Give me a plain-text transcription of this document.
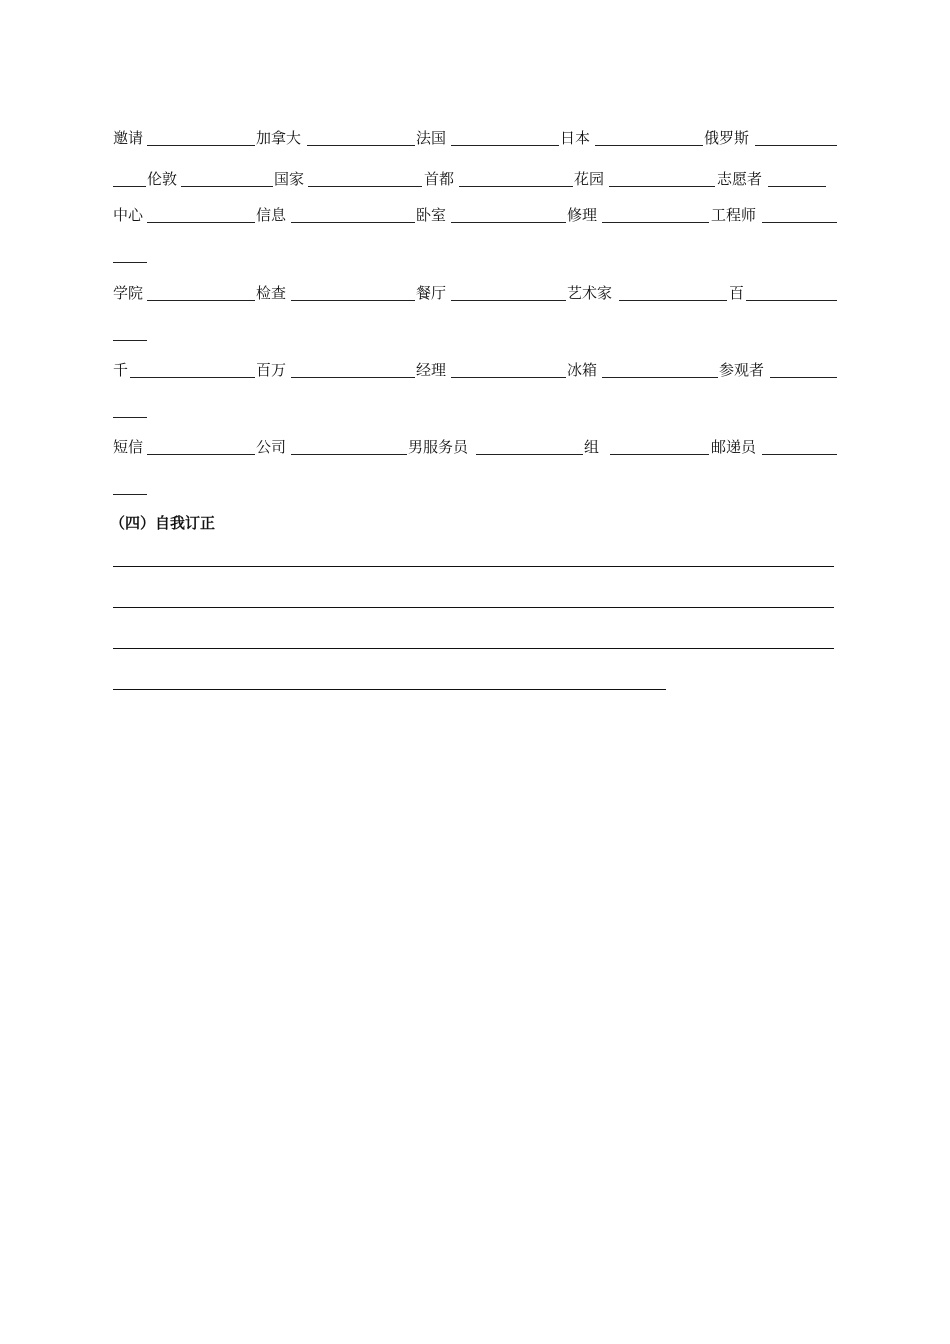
邀请	加拿大	法国	日本	俄罗斯
伦敦	国家	首都	花园	志愿者
中心	信息	卧室	修理	工程师
学院	检查	餐厅	艺术家	百
千	百万	经理	冰箱	参观者
短信	公司	男服务员	组	邮递员
（四）自我订正
